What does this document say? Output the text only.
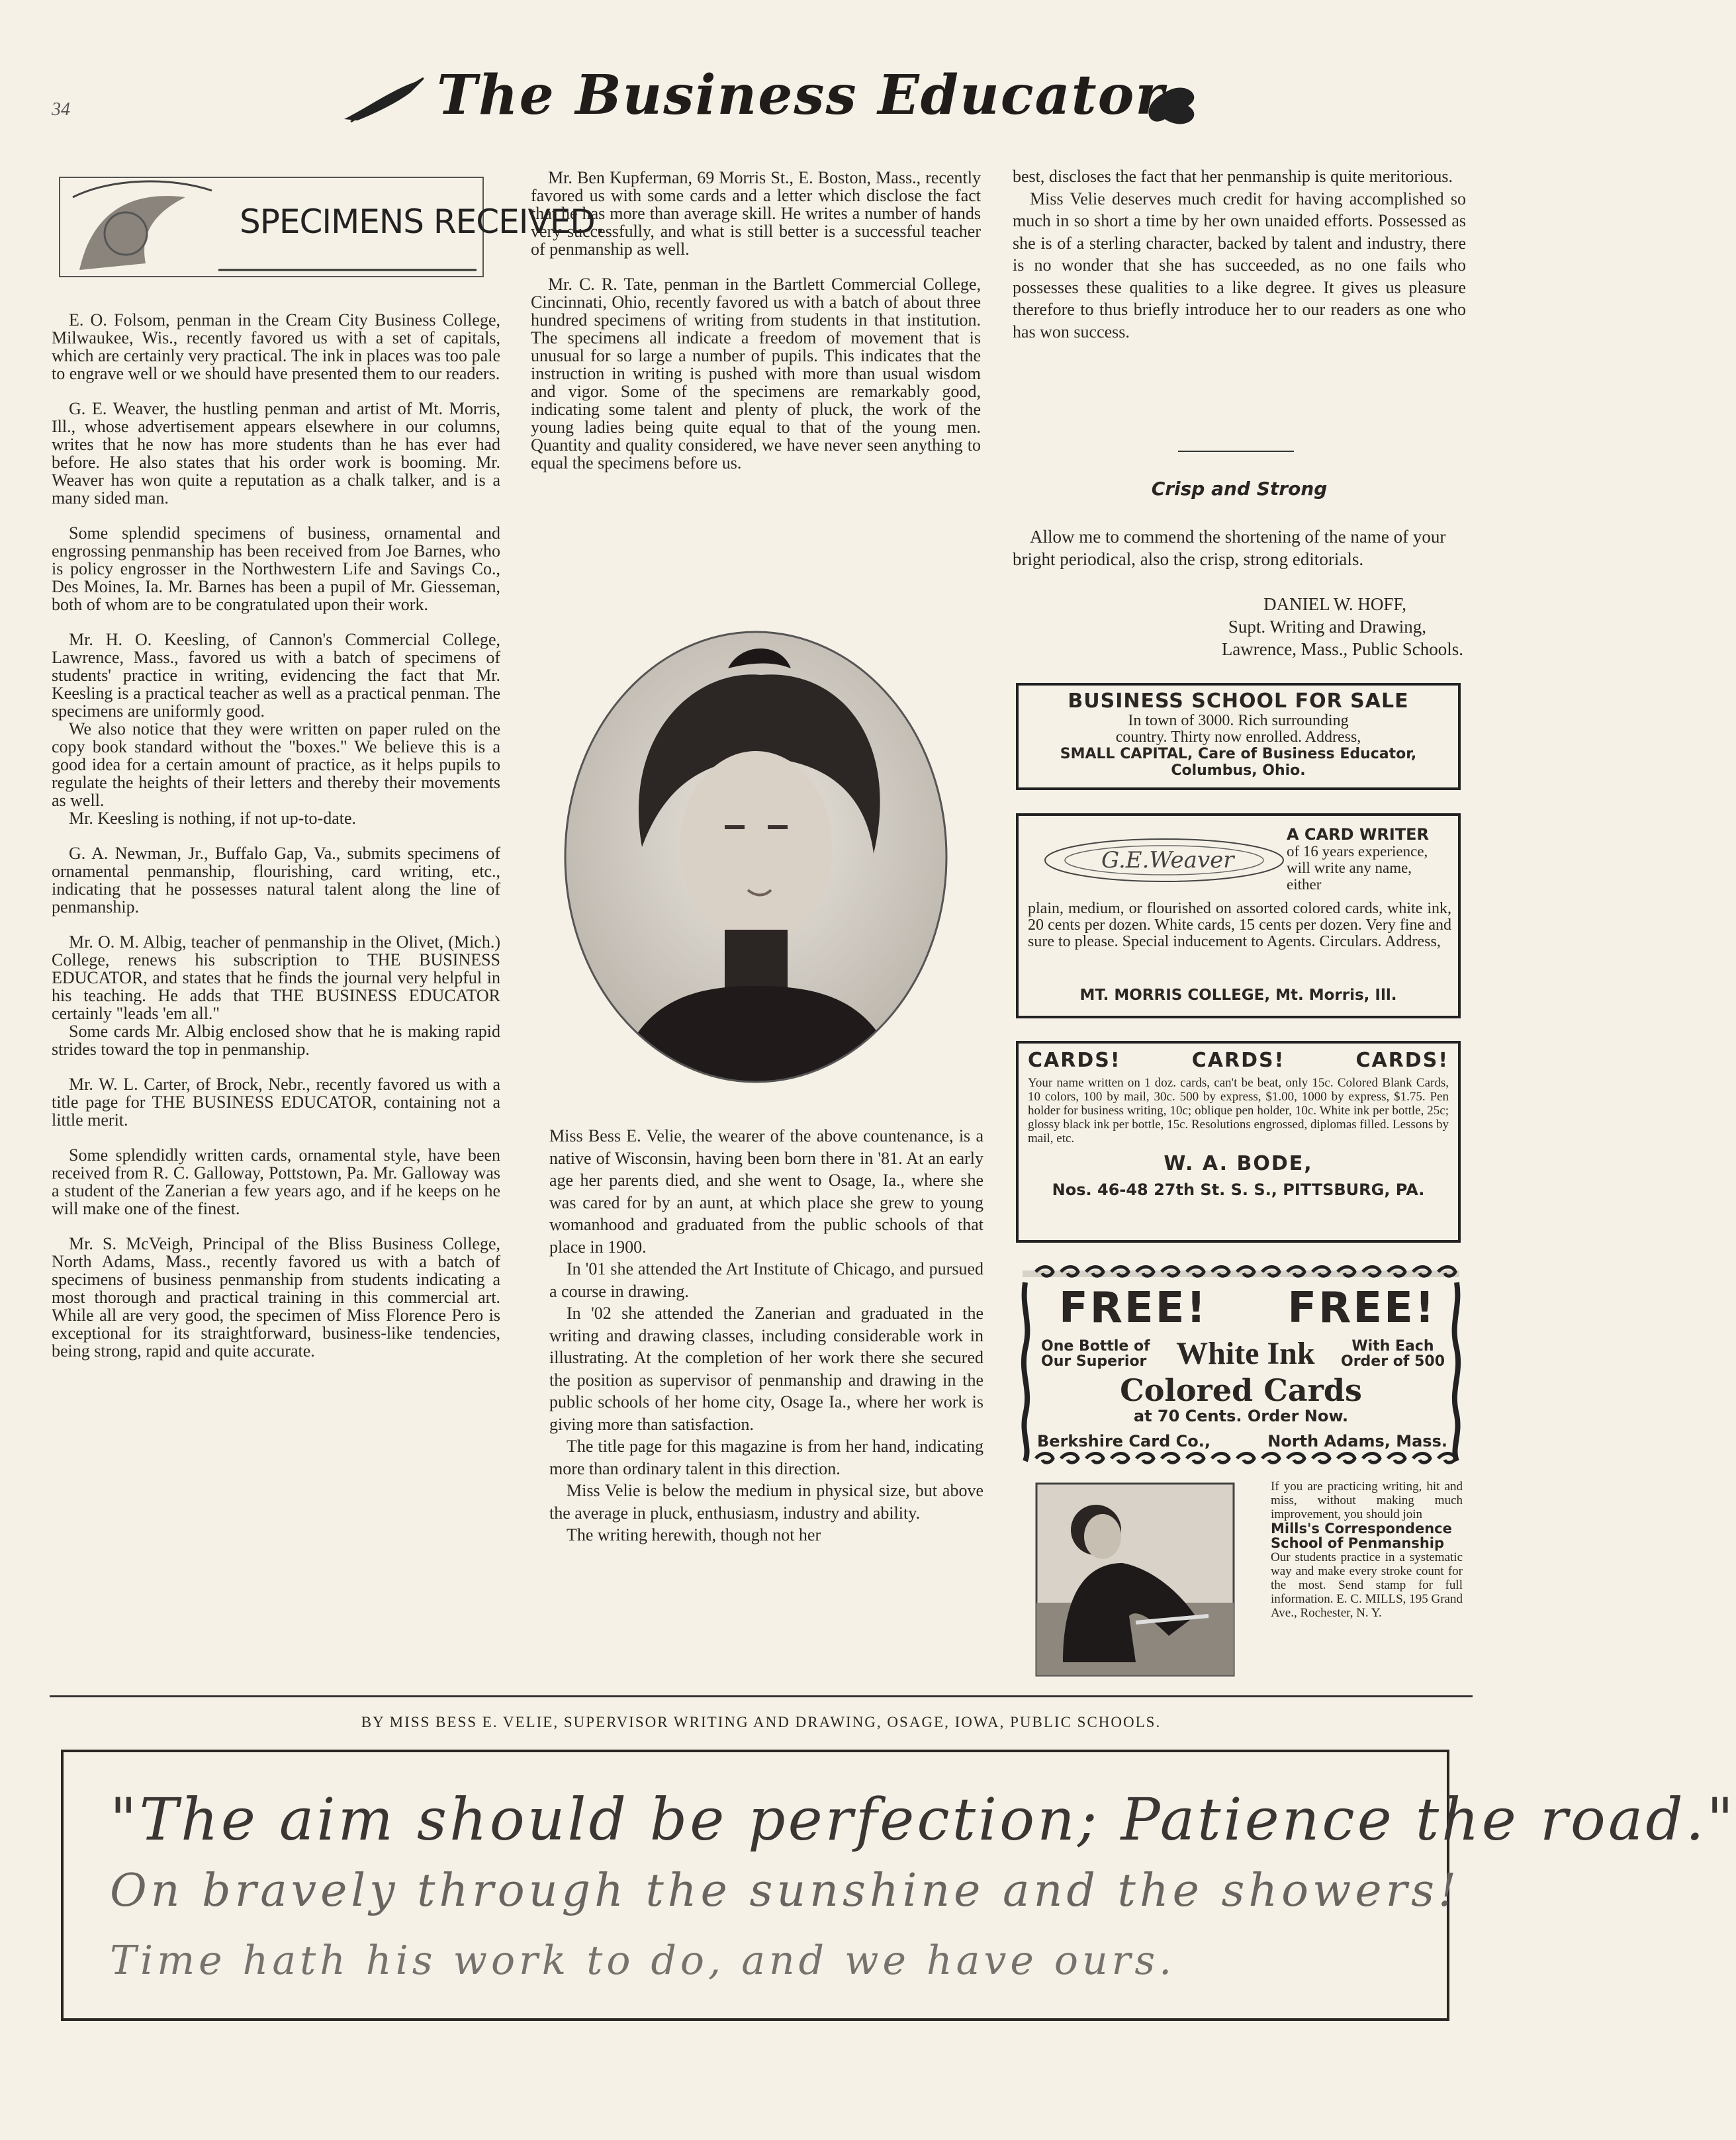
34	The Business Educator
SPECIMENS RECEIVED.

E. O. Folsom, penman in the Cream City Business College, Milwaukee, Wis., recently favored us with a set of capitals, which are certainly very practical. The ink in places was too pale to engrave well or we should have presented them to our readers.

G. E. Weaver, the hustling penman and artist of Mt. Morris, Ill., whose advertisement appears elsewhere in our columns, writes that he now has more students than he has ever had before. He also states that his order work is booming. Mr. Weaver has won quite a reputation as a chalk talker, and is a many sided man.

Some splendid specimens of business, ornamental and engrossing penmanship has been received from Joe Barnes, who is policy engrosser in the Northwestern Life and Savings Co., Des Moines, Ia. Mr. Barnes has been a pupil of Mr. Giesseman, both of whom are to be congratulated upon their work.

Mr. H. O. Keesling, of Cannon's Commercial College, Lawrence, Mass., favored us with a batch of specimens of students' practice in writing, evidencing the fact that Mr. Keesling is a practical teacher as well as a practical penman. The specimens are uniformly good.

We also notice that they were written on paper ruled on the copy book standard without the "boxes." We believe this is a good idea for a certain amount of practice, as it helps pupils to regulate the heights of their letters and thereby their movements as well.

Mr. Keesling is nothing, if not up-to-date.

G. A. Newman, Jr., Buffalo Gap, Va., submits specimens of ornamental penmanship, flourishing, card writing, etc., indicating that he possesses natural talent along the line of penmanship.

Mr. O. M. Albig, teacher of penmanship in the Olivet, (Mich.) College, renews his subscription to THE BUSINESS EDUCATOR, and states that he finds the journal very helpful in his teaching. He adds that THE BUSINESS EDUCATOR certainly "leads 'em all."

Some cards Mr. Albig enclosed show that he is making rapid strides toward the top in penmanship.

Mr. W. L. Carter, of Brock, Nebr., recently favored us with a title page for THE BUSINESS EDUCATOR, containing not a little merit.

Some splendidly written cards, ornamental style, have been received from R. C. Galloway, Pottstown, Pa. Mr. Galloway was a student of the Zanerian a few years ago, and if he keeps on he will make one of the finest.

Mr. S. McVeigh, Principal of the Bliss Business College, North Adams, Mass., recently favored us with a batch of specimens of business penmanship from students indicating a most thorough and practical training in this commercial art. While all are very good, the specimen of Miss Florence Pero is exceptional for its straightforward, business-like tendencies, being strong, rapid and quite accurate.

Mr. Ben Kupferman, 69 Morris St., E. Boston, Mass., recently favored us with some cards and a letter which disclose the fact that he has more than average skill. He writes a number of hands very successfully, and what is still better is a successful teacher of penmanship as well.

Mr. C. R. Tate, penman in the Bartlett Commercial College, Cincinnati, Ohio, recently favored us with a batch of about three hundred specimens of writing from students in that institution. The specimens all indicate a freedom of movement that is unusual for so large a number of pupils. This indicates that the instruction in writing is pushed with more than usual wisdom and vigor. Some of the specimens are remarkably good, indicating some talent and plenty of pluck, the work of the young ladies being quite equal to that of the young men. Quantity and quality considered, we have never seen anything to equal the specimens before us.

Miss Bess E. Velie, the wearer of the above countenance, is a native of Wisconsin, having been born there in '81. At an early age her parents died, and she went to Osage, Ia., where she was cared for by an aunt, at which place she grew to young womanhood and graduated from the public schools of that place in 1900.

In '01 she attended the Art Institute of Chicago, and pursued a course in drawing.

In '02 she attended the Zanerian and graduated in the writing and drawing classes, including considerable work in illustrating. At the completion of her work there she secured the position as supervisor of penmanship and drawing in the public schools of her home city, Osage Ia., where her work is giving more than satisfaction.

The title page for this magazine is from her hand, indicating more than ordinary talent in this direction.

Miss Velie is below the medium in physical size, but above the average in pluck, enthusiasm, industry and ability.

The writing herewith, though not her

best, discloses the fact that her penmanship is quite meritorious.

Miss Velie deserves much credit for having accomplished so much in so short a time by her own unaided efforts. Possessed as she is of a sterling character, backed by talent and industry, there is no wonder that she has succeeded, as no one fails who possesses these qualities to a like degree. It gives us pleasure therefore to thus briefly introduce her to our readers as one who has won success.

Crisp and Strong
Allow me to commend the shortening of the name of your bright periodical, also the crisp, strong editorials.
DANIEL W. HOFF,
Supt. Writing and Drawing,
Lawrence, Mass., Public Schools.
BUSINESS SCHOOL FOR SALE
In town of 3000. Rich surrounding
country. Thirty now enrolled. Address,
SMALL CAPITAL, Care of Business Educator,
Columbus, Ohio.
G.E.Weaver
A CARD WRITER
of 16 years experience, will write any name, either
plain, medium, or flourished on assorted colored cards, white ink, 20 cents per dozen. White cards, 15 cents per dozen. Very fine and sure to please. Special inducement to Agents. Circulars. Address,
MT. MORRIS COLLEGE, Mt. Morris, Ill.
CARDS!	CARDS!	CARDS!
Your name written on 1 doz. cards, can't be beat, only 15c. Colored Blank Cards, 10 colors, 100 by mail, 30c. 500 by express, $1.00, 1000 by express, $1.75. Pen holder for business writing, 10c; oblique pen holder, 10c. White ink per bottle, 25c; glossy black ink per bottle, 15c. Resolutions engrossed, diplomas filled. Lessons by mail, etc.
W. A. BODE,
Nos. 46-48 27th St. S. S., PITTSBURG, PA.
FREE! FREE!
One Bottle of
Our Superior White Ink	With Each
Order of 500
Colored Cards
at 70 Cents. Order Now.
Berkshire Card Co.,	North Adams, Mass.
If you are practicing writing, hit and miss, without making much improvement, you should join
Mills's Correspondence School of Penmanship
Our students practice in a systematic way and make every stroke count for the most. Send stamp for full information. E. C. MILLS, 195 Grand Ave., Rochester, N. Y.
BY MISS BESS E. VELIE, SUPERVISOR WRITING AND DRAWING, OSAGE, IOWA, PUBLIC SCHOOLS.
"The aim should be perfection; Patience the road."
On bravely through the sunshine and the showers!
Time hath his work to do, and we have ours.
